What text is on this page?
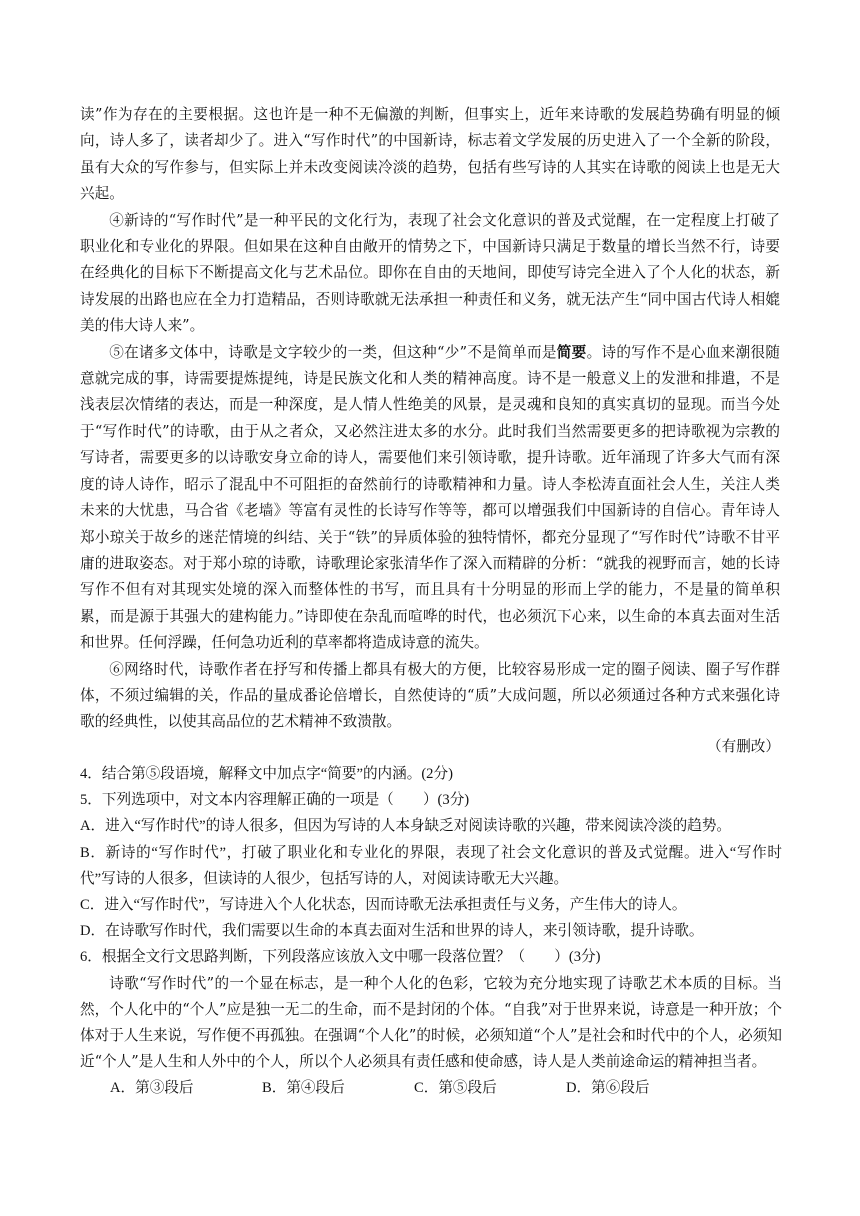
读”作为存在的主要根据。这也许是一种不无偏激的判断，但事实上，近年来诗歌的发展趋势确有明显的倾向，诗人多了，读者却少了。进入“写作时代”的中国新诗，标志着文学发展的历史进入了一个全新的阶段，虽有大众的写作参与，但实际上并未改变阅读冷淡的趋势，包括有些写诗的人其实在诗歌的阅读上也是无大兴起。

④新诗的“写作时代”是一种平民的文化行为，表现了社会文化意识的普及式觉醒，在一定程度上打破了职业化和专业化的界限。但如果在这种自由敞开的情势之下，中国新诗只满足于数量的增长当然不行，诗要在经典化的目标下不断提高文化与艺术品位。即你在自由的天地间，即使写诗完全进入了个人化的状态，新诗发展的出路也应在全力打造精品，否则诗歌就无法承担一种责任和义务，就无法产生“同中国古代诗人相媲美的伟大诗人来”。

⑤在诸多文体中，诗歌是文字较少的一类，但这种“少”不是简单而是简要。诗的写作不是心血来潮很随意就完成的事，诗需要提炼提纯，诗是民族文化和人类的精神高度。诗不是一般意义上的发泄和排遣，不是浅表层次情绪的表达，而是一种深度，是人情人性绝美的风景，是灵魂和良知的真实真切的显现。而当今处于“写作时代”的诗歌，由于从之者众，又必然注进太多的水分。此时我们当然需要更多的把诗歌视为宗教的写诗者，需要更多的以诗歌安身立命的诗人，需要他们来引领诗歌，提升诗歌。近年涌现了许多大气而有深度的诗人诗作，昭示了混乱中不可阻拒的奋然前行的诗歌精神和力量。诗人李松涛直面社会人生，关注人类未来的大忧患，马合省《老墙》等富有灵性的长诗写作等等，都可以增强我们中国新诗的自信心。青年诗人郑小琼关于故乡的迷茫情境的纠结、关于“铁”的异质体验的独特情怀，都充分显现了“写作时代”诗歌不甘平庸的进取姿态。对于郑小琼的诗歌，诗歌理论家张清华作了深入而精辟的分析：“就我的视野而言，她的长诗写作不但有对其现实处境的深入而整体性的书写，而且具有十分明显的形而上学的能力，不是量的简单积累，而是源于其强大的建构能力。”诗即使在杂乱而喧哗的时代，也必须沉下心来，以生命的本真去面对生活和世界。任何浮躁，任何急功近利的草率都将造成诗意的流失。

⑥网络时代，诗歌作者在抒写和传播上都具有极大的方便，比较容易形成一定的圈子阅读、圈子写作群体，不须过编辑的关，作品的量成番论倍增长，自然使诗的“质”大成问题，所以必须通过各种方式来强化诗歌的经典性，以使其高品位的艺术精神不致溃散。

（有删改）

4．结合第⑤段语境，解释文中加点字“简要”的内涵。(2分)

5．下列选项中，对文本内容理解正确的一项是（　　）(3分)

A．进入“写作时代”的诗人很多，但因为写诗的人本身缺乏对阅读诗歌的兴趣，带来阅读冷淡的趋势。

B．新诗的“写作时代”，打破了职业化和专业化的界限，表现了社会文化意识的普及式觉醒。进入“写作时代”写诗的人很多，但读诗的人很少，包括写诗的人，对阅读诗歌无大兴趣。

C．进入“写作时代”，写诗进入个人化状态，因而诗歌无法承担责任与义务，产生伟大的诗人。

D．在诗歌写作时代，我们需要以生命的本真去面对生活和世界的诗人，来引领诗歌，提升诗歌。

6．根据全文行文思路判断，下列段落应该放入文中哪一段落位置？（　　）(3分)

诗歌“写作时代”的一个显在标志，是一种个人化的色彩，它较为充分地实现了诗歌艺术本质的目标。当然，个人化中的“个人”应是独一无二的生命，而不是封闭的个体。“自我”对于世界来说，诗意是一种开放；个体对于人生来说，写作便不再孤独。在强调“个人化”的时候，必须知道“个人”是社会和时代中的个人，必须知近“个人”是人生和人外中的个人，所以个人必须具有责任感和使命感，诗人是人类前途命运的精神担当者。

A．第③段后	B．第④段后	C．第⑤段后	D．第⑥段后
